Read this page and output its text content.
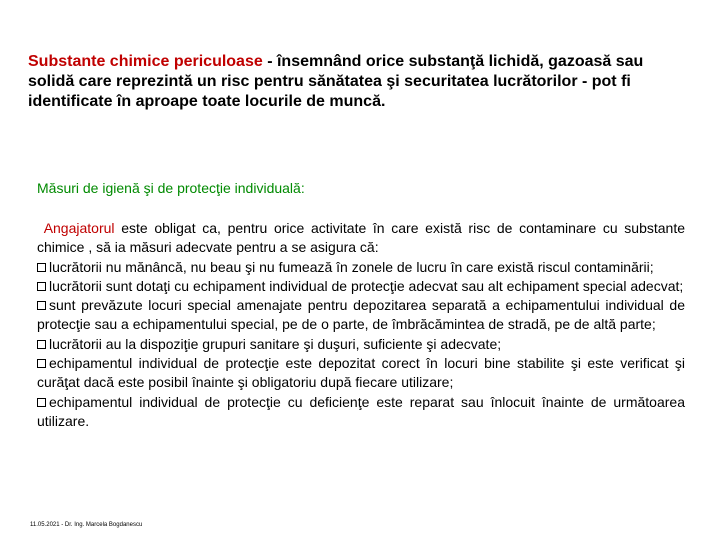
Substante chimice periculoase - însemnând orice substanţă lichidă, gazoasă sau solidă care reprezintă un risc pentru sănătatea şi securitatea lucrătorilor - pot fi identificate în aproape toate locurile de muncă.
Măsuri de igienă şi de protecţie individuală:

Angajatorul este obligat ca, pentru orice activitate în care există risc de contaminare cu substante chimice , să ia măsuri adecvate pentru a se asigura că:

lucrătorii nu mănâncă, nu beau şi nu fumează în zonele de lucru în care există riscul contaminării;

lucrătorii sunt dotaţi cu echipament individual de protecţie adecvat sau alt echipament special adecvat;

sunt prevăzute locuri special amenajate pentru depozitarea separată a echipamentului individual de protecţie sau a echipamentului special, pe de o parte, de îmbrăcămintea de stradă, pe de altă parte;

lucrătorii au la dispoziţie grupuri sanitare şi duşuri, suficiente şi adecvate;

echipamentul individual de protecţie este depozitat corect în locuri bine stabilite şi este verificat şi curăţat dacă este posibil înainte şi obligatoriu după fiecare utilizare;

echipamentul individual de protecţie cu deficienţe este reparat sau înlocuit înainte de următoarea utilizare.

11.05.2021 - Dr. Ing. Marcela Bogdanescu
